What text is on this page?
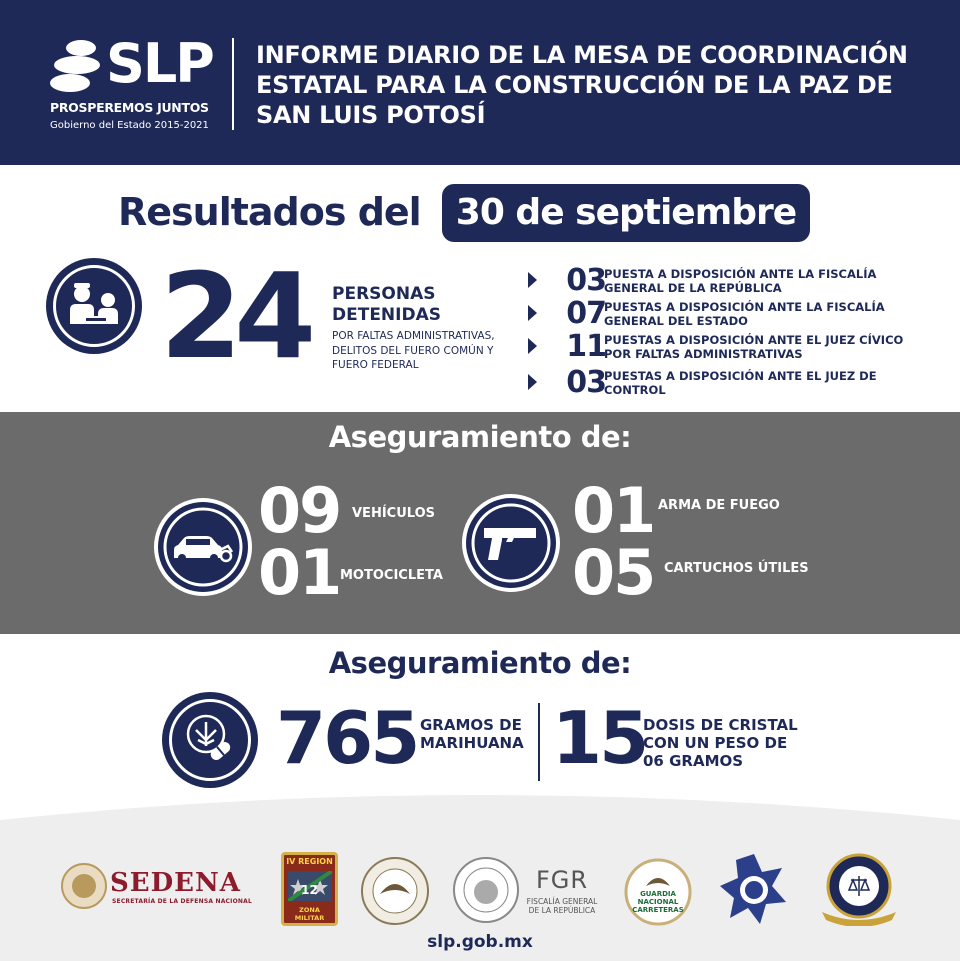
SLP
PROSPEREMOS JUNTOS
Gobierno del Estado 2015-2021
INFORME DIARIO DE LA MESA DE COORDINACIÓN ESTATAL PARA LA CONSTRUCCIÓN DE LA PAZ DE SAN LUIS POTOSÍ
Resultados del 30 de septiembre
24 PERSONAS DETENIDAS
POR FALTAS ADMINISTRATIVAS, DELITOS DEL FUERO COMÚN Y FUERO FEDERAL
03
PUESTA A DISPOSICIÓN ANTE LA FISCALÍA GENERAL DE LA REPÚBLICA
07
PUESTAS A DISPOSICIÓN ANTE LA FISCALÍA GENERAL DEL ESTADO
11
PUESTAS A DISPOSICIÓN ANTE EL JUEZ CÍVICO POR FALTAS ADMINISTRATIVAS
03
PUESTAS A DISPOSICIÓN ANTE EL JUEZ DE CONTROL
Aseguramiento de:
09 VEHÍCULOS
01 MOTOCICLETA
01 ARMA DE FUEGO
05 CARTUCHOS ÚTILES
Aseguramiento de:
765 GRAMOS DE MARIHUANA 15
DOSIS DE CRISTAL CON UN PESO DE 06 GRAMOS
SEDENA
SECRETARÍA DE LA DEFENSA NACIONAL
IV REGION
12
ZONA MILITAR
FGR
FISCALÍA GENERAL DE LA REPÚBLICA
GUARDIA NACIONAL CARRETERAS
slp.gob.mx
